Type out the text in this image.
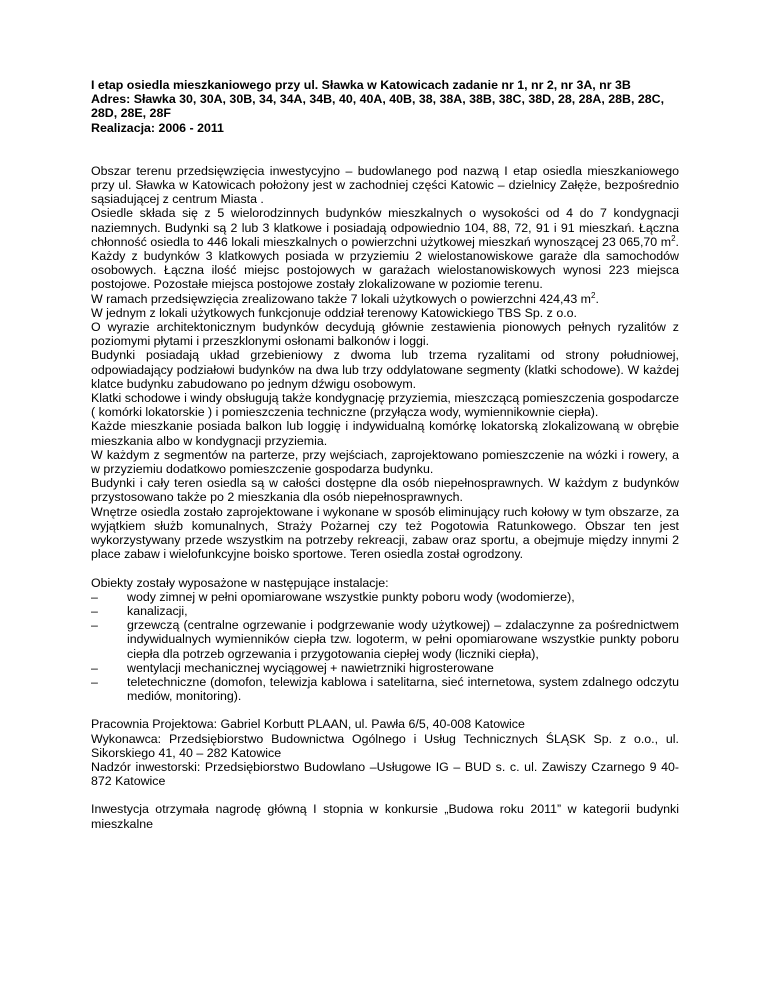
I etap osiedla mieszkaniowego przy ul. Sławka w Katowicach zadanie nr 1, nr 2, nr 3A, nr 3B

Adres: Sławka 30, 30A, 30B, 34, 34A, 34B, 40, 40A, 40B, 38, 38A, 38B, 38C, 38D, 28, 28A, 28B, 28C, 28D, 28E, 28F

Realizacja: 2006 - 2011

Obszar terenu przedsięwzięcia inwestycyjno – budowlanego pod nazwą I etap osiedla mieszkaniowego przy ul. Sławka w Katowicach położony jest w zachodniej części Katowic – dzielnicy Załęże, bezpośrednio sąsiadującej z centrum Miasta .

Osiedle składa się z 5 wielorodzinnych budynków mieszkalnych o wysokości od 4 do 7 kondygnacji naziemnych. Budynki są 2 lub 3 klatkowe i posiadają odpowiednio 104, 88, 72, 91 i 91 mieszkań. Łączna chłonność osiedla to 446 lokali mieszkalnych o powierzchni użytkowej mieszkań wynoszącej 23 065,70 $m^2$. Każdy z budynków 3 klatkowych posiada w przyziemiu 2 wielostanowiskowe garaże dla samochodów osobowych. Łączna ilość miejsc postojowych w garażach wielostanowiskowych wynosi 223 miejsca postojowe. Pozostałe miejsca postojowe zostały zlokalizowane w poziomie terenu.

W ramach przedsięwzięcia zrealizowano także 7 lokali użytkowych o powierzchni 424,43 $m^2$.

W jednym z lokali użytkowych funkcjonuje oddział terenowy Katowickiego TBS Sp. z o.o.

O wyrazie architektonicznym budynków decydują głównie zestawienia pionowych pełnych ryzalitów z poziomymi płytami i przeszklonymi osłonami balkonów i loggi.

Budynki posiadają układ grzebieniowy z dwoma lub trzema ryzalitami od strony południowej, odpowiadający podziałowi budynków na dwa lub trzy oddylatowane segmenty (klatki schodowe). W każdej klatce budynku zabudowano po jednym dźwigu osobowym.

Klatki schodowe i windy obsługują także kondygnację przyziemia, mieszczącą pomieszczenia gospodarcze ( komórki lokatorskie ) i pomieszczenia techniczne (przyłącza wody, wymiennikownie ciepła).

Każde mieszkanie posiada balkon lub loggię i indywidualną komórkę lokatorską zlokalizowaną w obrębie mieszkania albo w kondygnacji przyziemia.

W każdym z segmentów na parterze, przy wejściach, zaprojektowano pomieszczenie na wózki i rowery, a w przyziemiu dodatkowo pomieszczenie gospodarza budynku.

Budynki i cały teren osiedla są w całości dostępne dla osób niepełnosprawnych. W każdym z budynków przystosowano także po 2 mieszkania dla osób niepełnosprawnych.

Wnętrze osiedla zostało zaprojektowane i wykonane w sposób eliminujący ruch kołowy w tym obszarze, za wyjątkiem służb komunalnych, Straży Pożarnej czy też Pogotowia Ratunkowego. Obszar ten jest wykorzystywany przede wszystkim na potrzeby rekreacji, zabaw oraz sportu, a obejmuje między innymi 2 place zabaw i wielofunkcyjne boisko sportowe. Teren osiedla został ogrodzony.

Obiekty zostały wyposażone w następujące instalacje:

– wody zimnej w pełni opomiarowane wszystkie punkty poboru wody (wodomierze),
– kanalizacji,
– grzewczą (centralne ogrzewanie i podgrzewanie wody użytkowej) – zdalaczynne za pośrednictwem indywidualnych wymienników ciepła tzw. logoterm, w pełni opomiarowane wszystkie punkty poboru ciepła dla potrzeb ogrzewania i przygotowania ciepłej wody (liczniki ciepła),
– wentylacji mechanicznej wyciągowej + nawietrzniki higrosterowane
– teletechniczne (domofon, telewizja kablowa i satelitarna, sieć internetowa, system zdalnego odczytu mediów, monitoring).

Pracownia Projektowa: Gabriel Korbutt PLAAN, ul. Pawła 6/5, 40-008 Katowice

Wykonawca: Przedsiębiorstwo Budownictwa Ogólnego i Usług Technicznych ŚLĄSK Sp. z o.o., ul. Sikorskiego 41, 40 – 282 Katowice

Nadzór inwestorski: Przedsiębiorstwo Budowlano –Usługowe IG – BUD s. c. ul. Zawiszy Czarnego 9 40-872 Katowice

Inwestycja otrzymała nagrodę główną I stopnia w konkursie „Budowa roku 2011” w kategorii budynki mieszkalne
